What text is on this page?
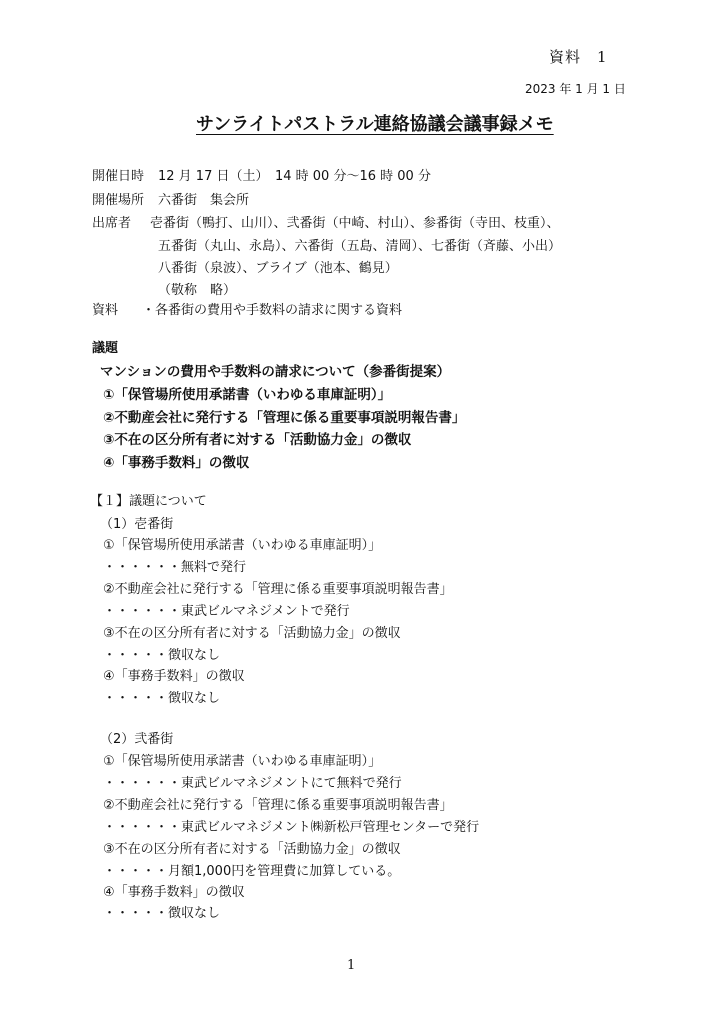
資料　1
2023 年 1 月 1 日
サンライトパストラル連絡協議会議事録メモ
開催日時 12 月 17 日（土）　14 時 00 分～16 時 00 分
開催場所 六番街　集会所
出席者 壱番街（鴨打、山川）、弐番街（中崎、村山）、参番街（寺田、枝重）、
五番街（丸山、永島）、六番街（五島、清岡）、七番街（斉藤、小出）
八番街（泉波）、ブライブ（池本、鶴見）
（敬称　略）
資料 ・各番街の費用や手数料の請求に関する資料
議題
マンションの費用や手数料の請求について（参番街提案）
①「保管場所使用承諾書（いわゆる車庫証明）」
②不動産会社に発行する「管理に係る重要事項説明報告書」
③不在の区分所有者に対する「活動協力金」の徴収
④「事務手数料」の徴収
【１】議題について
（1）壱番街
①「保管場所使用承諾書（いわゆる車庫証明）」
・・・・・・無料で発行
②不動産会社に発行する「管理に係る重要事項説明報告書」
・・・・・・東武ビルマネジメントで発行
③不在の区分所有者に対する「活動協力金」の徴収
・・・・・徴収なし
④「事務手数料」の徴収
・・・・・徴収なし
（2）弐番街
①「保管場所使用承諾書（いわゆる車庫証明）」
・・・・・・東武ビルマネジメントにて無料で発行
②不動産会社に発行する「管理に係る重要事項説明報告書」
・・・・・・東武ビルマネジメント㈱新松戸管理センターで発行
③不在の区分所有者に対する「活動協力金」の徴収
・・・・・月額1,000円を管理費に加算している。
④「事務手数料」の徴収
・・・・・徴収なし
1
